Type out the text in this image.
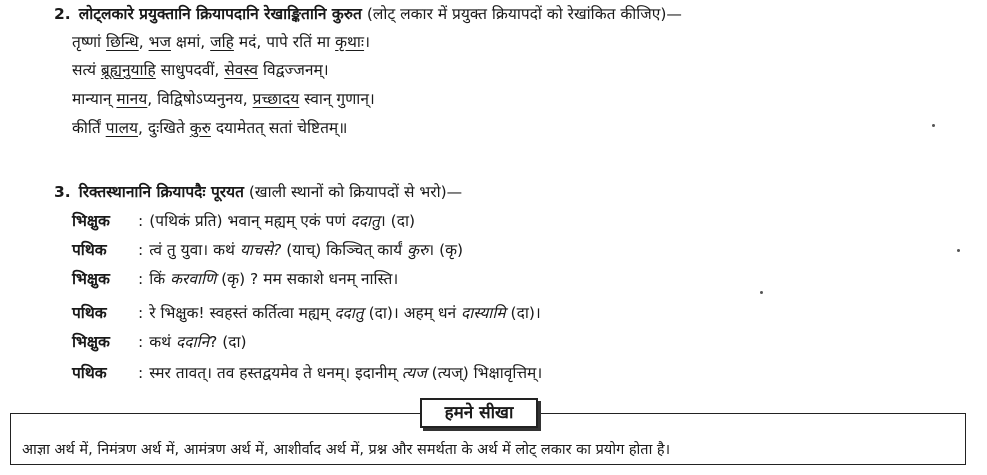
2. लोट्लकारे प्रयुक्तानि क्रियापदानि रेखाङ्कितानि कुरुत (लोट् लकार में प्रयुक्त क्रियापदों को रेखांकित कीजिए)—
तृष्णां छिन्धि, भज क्षमां, जहि मदं, पापे रतिं मा कृथाः।
सत्यं ब्रूह्यनुयाहि साधुपदवीं, सेवस्व विद्वज्जनम्।
मान्यान् मानय, विद्विषोऽप्यनुनय, प्रच्छादय स्वान् गुणान्।
कीर्तिं पालय, दुःखिते कुरु दयामेतत् सतां चेष्टितम्॥
3. रिक्तस्थानानि क्रियापदैः पूरयत (खाली स्थानों को क्रियापदों से भरो)—
भिक्षुक : (पथिकं प्रति) भवान् मह्यम् एकं पणं ददातु। (दा)
पथिक : त्वं तु युवा। कथं याचसे? (याच्) किञ्चित् कार्यं कुरु। (कृ)
भिक्षुक : किं करवाणि (कृ) ? मम सकाशे धनम् नास्ति।
पथिक : रे भिक्षुक! स्वहस्तं कर्तित्वा मह्यम् ददातु (दा)। अहम् धनं दास्यामि (दा)।
भिक्षुक : कथं ददानि? (दा)
पथिक : स्मर तावत्। तव हस्तद्वयमेव ते धनम्। इदानीम् त्यज (त्यज्) भिक्षावृत्तिम्।
हमने सीखा
आज्ञा अर्थ में, निमंत्रण अर्थ में, आमंत्रण अर्थ में, आशीर्वाद अर्थ में, प्रश्न और समर्थता के अर्थ में लोट् लकार का प्रयोग होता है।
